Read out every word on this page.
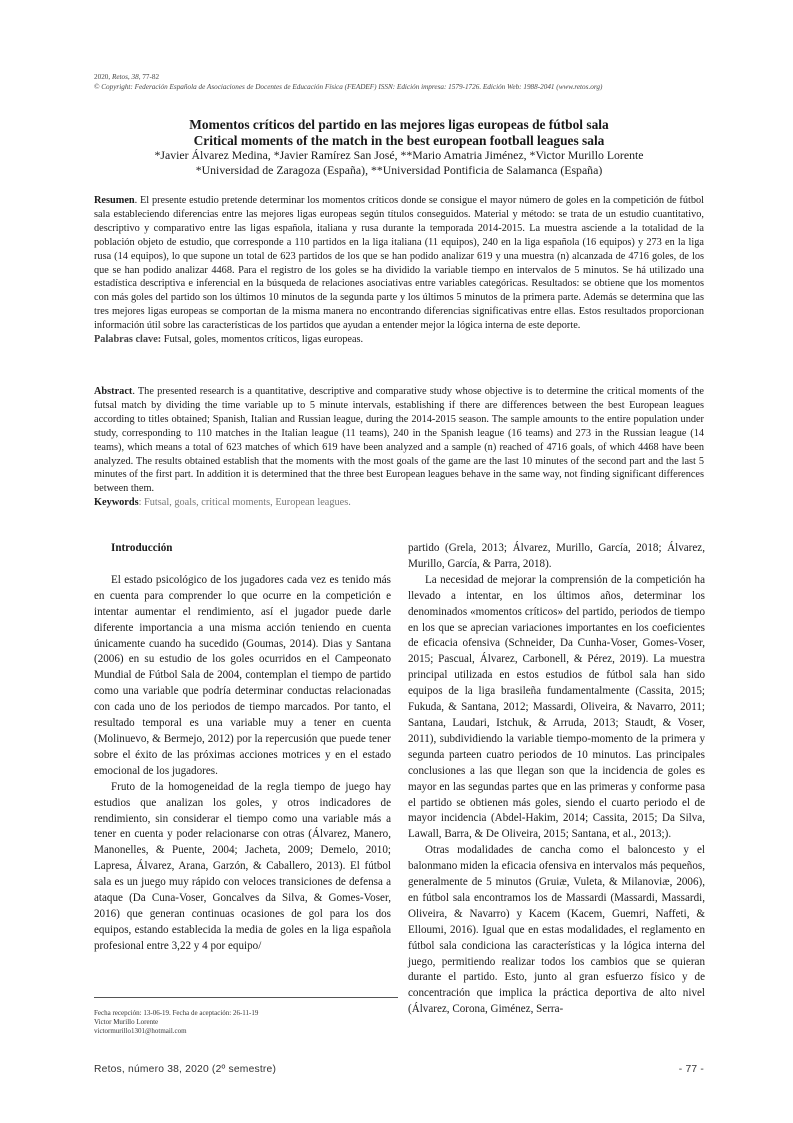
2020, Retos, 38, 77-82
© Copyright: Federación Española de Asociaciones de Docentes de Educación Física (FEADEF) ISSN: Edición impresa: 1579-1726. Edición Web: 1988-2041 (www.retos.org)
Momentos críticos del partido en las mejores ligas europeas de fútbol sala
Critical moments of the match in the best european football leagues sala
*Javier Álvarez Medina, *Javier Ramírez San José, **Mario Amatria Jiménez, *Victor Murillo Lorente
*Universidad de Zaragoza (España), **Universidad Pontificia de Salamanca (España)
Resumen. El presente estudio pretende determinar los momentos críticos donde se consigue el mayor número de goles en la competición de fútbol sala estableciendo diferencias entre las mejores ligas europeas según títulos conseguidos. Material y método: se trata de un estudio cuantitativo, descriptivo y comparativo entre las ligas española, italiana y rusa durante la temporada 2014-2015. La muestra asciende a la totalidad de la población objeto de estudio, que corresponde a 110 partidos en la liga italiana (11 equipos), 240 en la liga española (16 equipos) y 273 en la liga rusa (14 equipos), lo que supone un total de 623 partidos de los que se han podido analizar 619 y una muestra (n) alcanzada de 4716 goles, de los que se han podido analizar 4468. Para el registro de los goles se ha dividido la variable tiempo en intervalos de 5 minutos. Se há utilizado una estadística descriptiva e inferencial en la búsqueda de relaciones asociativas entre variables categóricas. Resultados: se obtiene que los momentos con más goles del partido son los últimos 10 minutos de la segunda parte y los últimos 5 minutos de la primera parte. Además se determina que las tres mejores ligas europeas se comportan de la misma manera no encontrando diferencias significativas entre ellas. Estos resultados proporcionan información útil sobre las características de los partidos que ayudan a entender mejor la lógica interna de este deporte.
Palabras clave: Futsal, goles, momentos críticos, ligas europeas.
Abstract. The presented research is a quantitative, descriptive and comparative study whose objective is to determine the critical moments of the futsal match by dividing the time variable up to 5 minute intervals, establishing if there are differences between the best European leagues according to titles obtained; Spanish, Italian and Russian league, during the 2014-2015 season. The sample amounts to the entire population under study, corresponding to 110 matches in the Italian league (11 teams), 240 in the Spanish league (16 teams) and 273 in the Russian league (14 teams), which means a total of 623 matches of which 619 have been analyzed and a sample (n) reached of 4716 goals, of which 4468 have been analyzed. The results obtained establish that the moments with the most goals of the game are the last 10 minutes of the second part and the last 5 minutes of the first part. In addition it is determined that the three best European leagues behave in the same way, not finding significant differences between them.
Keywords: Futsal, goals, critical moments, European leagues.
Introducción

El estado psicológico de los jugadores cada vez es tenido más en cuenta para comprender lo que ocurre en la competición e intentar aumentar el rendimiento, así el jugador puede darle diferente importancia a una misma acción teniendo en cuenta únicamente cuando ha sucedido (Goumas, 2014). Dias y Santana (2006) en su estudio de los goles ocurridos en el Campeonato Mundial de Fútbol Sala de 2004, contemplan el tiempo de partido como una variable que podría determinar conductas relacionadas con cada uno de los periodos de tiempo marcados. Por tanto, el resultado temporal es una variable muy a tener en cuenta (Molinuevo, & Bermejo, 2012) por la repercusión que puede tener sobre el éxito de las próximas acciones motrices y en el estado emocional de los jugadores.

Fruto de la homogeneidad de la regla tiempo de juego hay estudios que analizan los goles, y otros indicadores de rendimiento, sin considerar el tiempo como una variable más a tener en cuenta y poder relacionarse con otras (Álvarez, Manero, Manonelles, & Puente, 2004; Jacheta, 2009; Demelo, 2010; Lapresa, Álvarez, Arana, Garzón, & Caballero, 2013). El fútbol sala es un juego muy rápido con veloces transiciones de defensa a ataque (Da Cuna-Voser, Goncalves da Silva, & Gomes-Voser, 2016) que generan continuas ocasiones de gol para los dos equipos, estando establecida la media de goles en la liga española profesional entre 3,22 y 4 por equipo/

partido (Grela, 2013; Álvarez, Murillo, García, 2018; Álvarez, Murillo, García, & Parra, 2018).

La necesidad de mejorar la comprensión de la competición ha llevado a intentar, en los últimos años, determinar los denominados «momentos críticos» del partido, periodos de tiempo en los que se aprecian variaciones importantes en los coeficientes de eficacia ofensiva (Schneider, Da Cunha-Voser, Gomes-Voser, 2015; Pascual, Álvarez, Carbonell, & Pérez, 2019). La muestra principal utilizada en estos estudios de fútbol sala han sido equipos de la liga brasileña fundamentalmente (Cassita, 2015; Fukuda, & Santana, 2012; Massardi, Oliveira, & Navarro, 2011; Santana, Laudari, Istchuk, & Arruda, 2013; Staudt, & Voser, 2011), subdividiendo la variable tiempo-momento de la primera y segunda parteen cuatro periodos de 10 minutos. Las principales conclusiones a las que llegan son que la incidencia de goles es mayor en las segundas partes que en las primeras y conforme pasa el partido se obtienen más goles, siendo el cuarto periodo el de mayor incidencia (Abdel-Hakim, 2014; Cassita, 2015; Da Silva, Lawall, Barra, & De Oliveira, 2015; Santana, et al., 2013;).

Otras modalidades de cancha como el baloncesto y el balonmano miden la eficacia ofensiva en intervalos más pequeños, generalmente de 5 minutos (Gruiæ, Vuleta, & Milanoviæ, 2006), en fútbol sala encontramos los de Massardi (Massardi, Massardi, Oliveira, & Navarro) y Kacem (Kacem, Guemri, Naffeti, & Elloumi, 2016). Igual que en estas modalidades, el reglamento en fútbol sala condiciona las características y la lógica interna del juego, permitiendo realizar todos los cambios que se quieran durante el partido. Esto, junto al gran esfuerzo físico y de concentración que implica la práctica deportiva de alto nivel (Álvarez, Corona, Giménez, Serra-

Fecha recepción: 13-06-19. Fecha de aceptación: 26-11-19
Victor Murillo Lorente
victormurillo1301@hotmail.com
Retos, número 38, 2020 (2º semestre)	- 77 -
